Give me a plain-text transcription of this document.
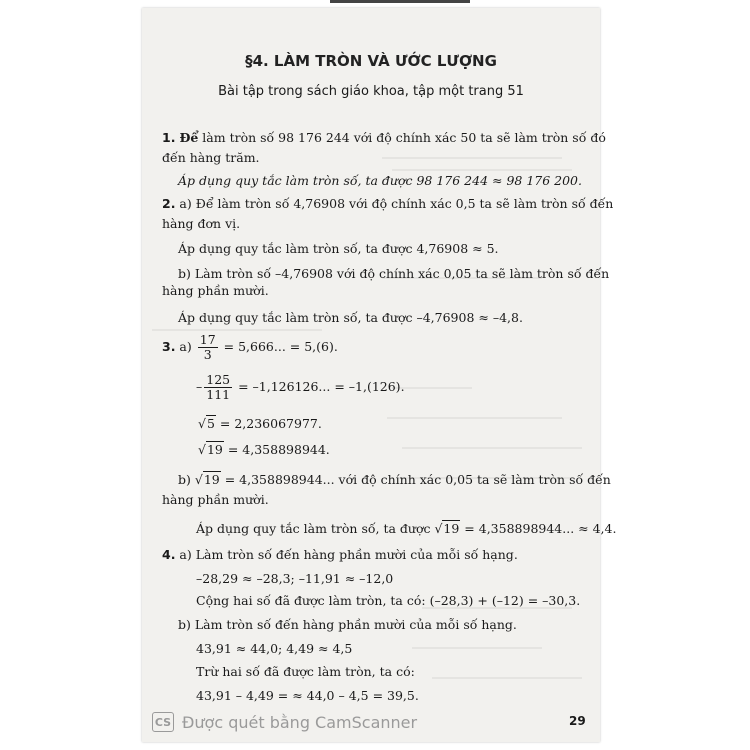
§4. LÀM TRÒN VÀ ƯỚC LƯỢNG
Bài tập trong sách giáo khoa, tập một trang 51
1. Để làm tròn số 98 176 244 với độ chính xác 50 ta sẽ làm tròn số đó
đến hàng trăm.
Áp dụng quy tắc làm tròn số, ta được 98 176 244 ≈ 98 176 200.
2. a) Để làm tròn số 4,76908 với độ chính xác 0,5 ta sẽ làm tròn số đến
hàng đơn vị.
Áp dụng quy tắc làm tròn số, ta được 4,76908 ≈ 5.
b) Làm tròn số –4,76908 với độ chính xác 0,05 ta sẽ làm tròn số đến
hàng phần mười.
Áp dụng quy tắc làm tròn số, ta được –4,76908 ≈ –4,8.
3. $a) \frac{17}{3} = 5,666$... = 5,(6).
– $\frac{125}{111} = -1,126126$... = –1,(126).
√5 = 2,236067977.
√19 = 4,358898944.
b) √19 = 4,358898944... với độ chính xác 0,05 ta sẽ làm tròn số đến
hàng phần mười.
Áp dụng quy tắc làm tròn số, ta được √19 = 4,358898944... ≈ 4,4.
4. a) Làm tròn số đến hàng phần mười của mỗi số hạng.
–28,29 ≈ –28,3; –11,91 ≈ –12,0
Cộng hai số đã được làm tròn, ta có: (–28,3) + (–12) = –30,3.
b) Làm tròn số đến hàng phần mười của mỗi số hạng.
43,91 ≈ 44,0; 4,49 ≈ 4,5
Trừ hai số đã được làm tròn, ta có:
43,91 – 4,49 = ≈ 44,0 – 4,5 = 39,5.
29
CS Được quét bằng CamScanner
